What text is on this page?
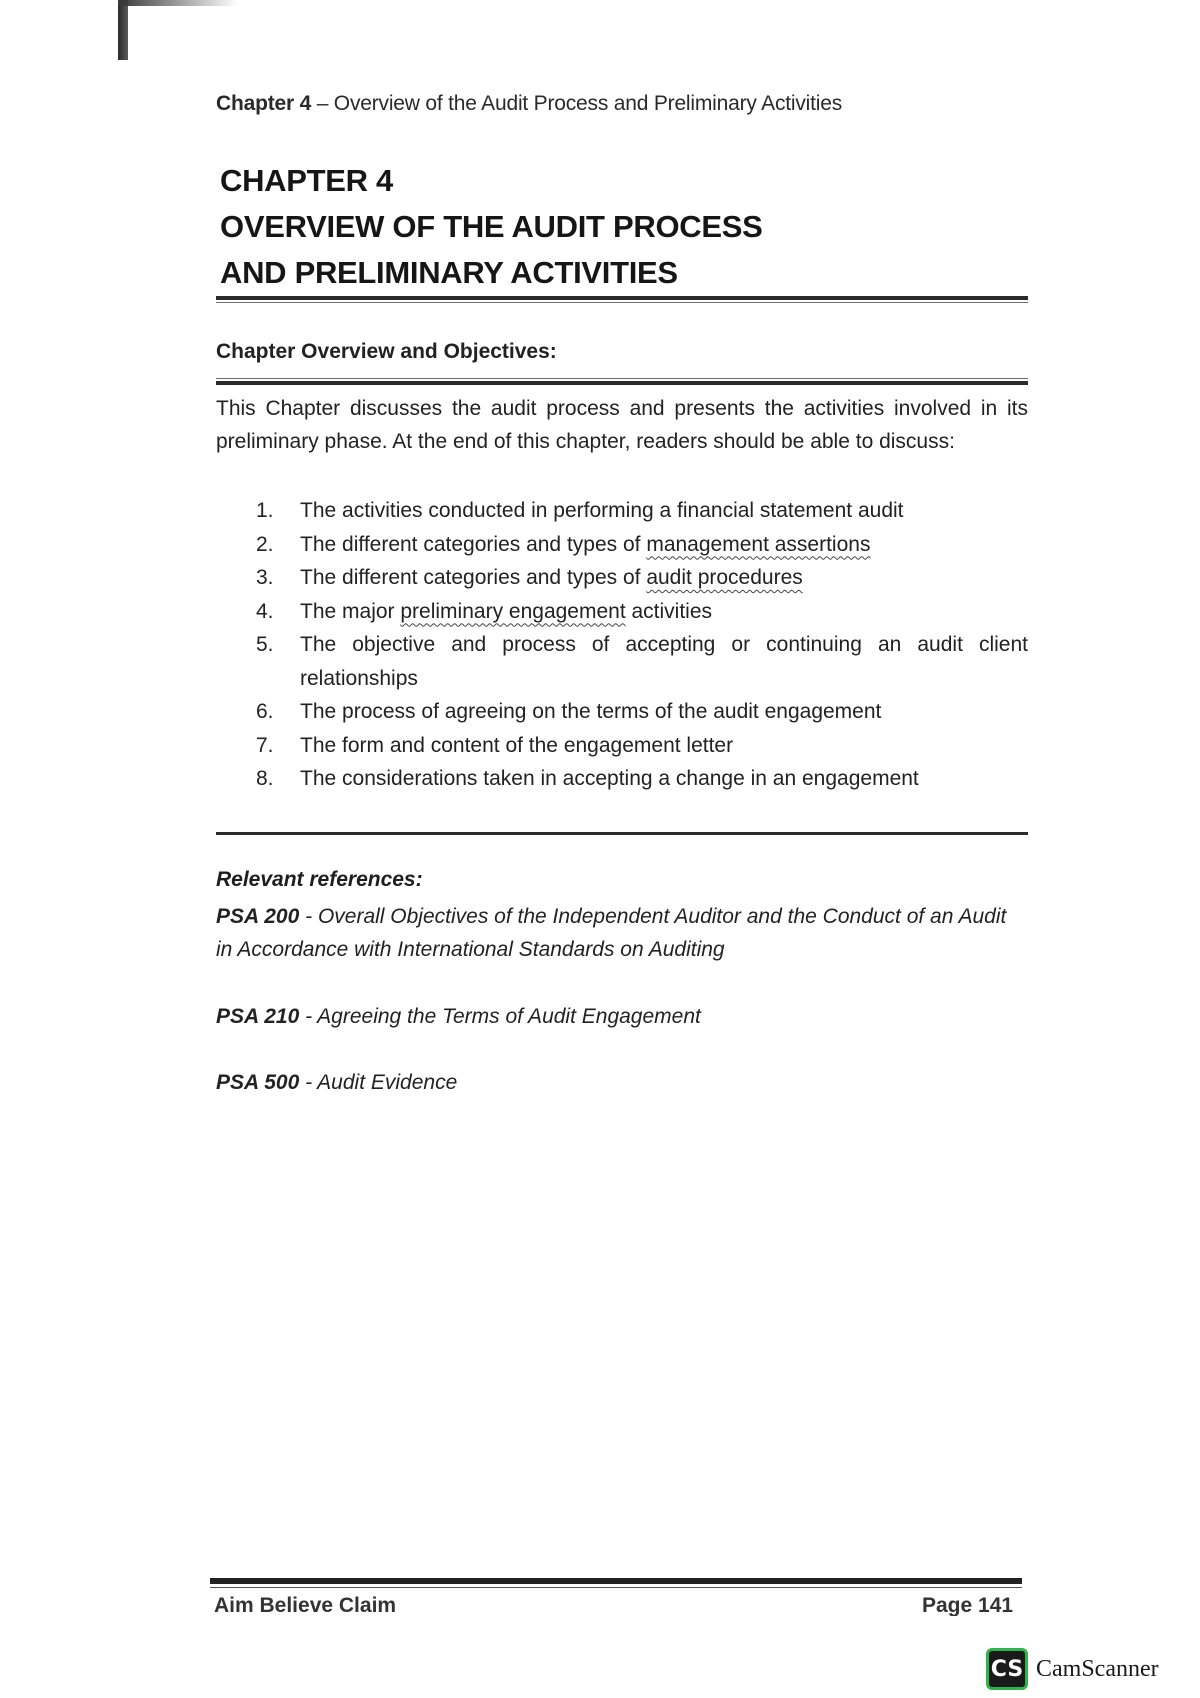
Chapter 4 – Overview of the Audit Process and Preliminary Activities
CHAPTER 4
OVERVIEW OF THE AUDIT PROCESS
AND PRELIMINARY ACTIVITIES
Chapter Overview and Objectives:
This Chapter discusses the audit process and presents the activities involved in its preliminary phase. At the end of this chapter, readers should be able to discuss:
1.	The activities conducted in performing a financial statement audit
2.	The different categories and types of management assertions
3.	The different categories and types of audit procedures
4.	The major preliminary engagement activities
5.	The objective and process of accepting or continuing an audit client relationships
6.	The process of agreeing on the terms of the audit engagement
7.	The form and content of the engagement letter
8.	The considerations taken in accepting a change in an engagement
Relevant references:
PSA 200 - Overall Objectives of the Independent Auditor and the Conduct of an Audit in Accordance with International Standards on Auditing
PSA 210 - Agreeing the Terms of Audit Engagement
PSA 500 - Audit Evidence
Aim Believe Claim	Page 141
CS CamScanner
